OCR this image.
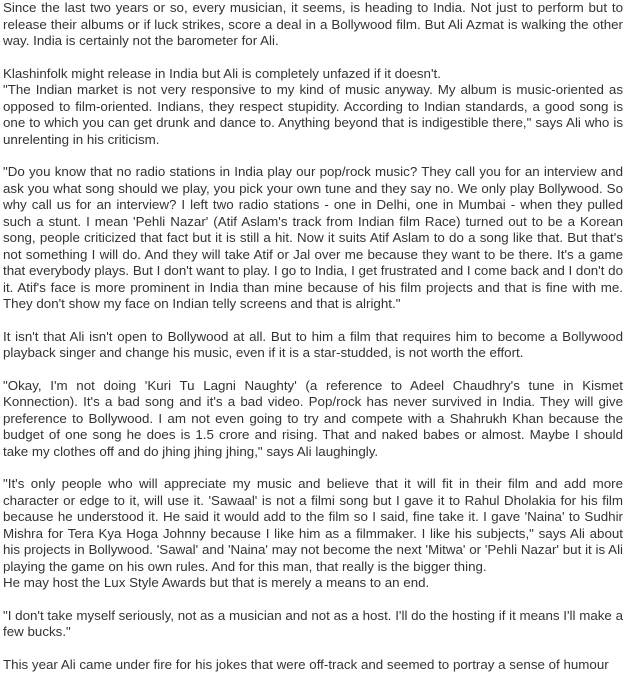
Since the last two years or so, every musician, it seems, is heading to India. Not just to perform but to release their albums or if luck strikes, score a deal in a Bollywood film. But Ali Azmat is walking the other way. India is certainly not the barometer for Ali.
Klashinfolk might release in India but Ali is completely unfazed if it doesn't.
"The Indian market is not very responsive to my kind of music anyway. My album is music-oriented as opposed to film-oriented. Indians, they respect stupidity. According to Indian standards, a good song is one to which you can get drunk and dance to. Anything beyond that is indigestible there," says Ali who is unrelenting in his criticism.
"Do you know that no radio stations in India play our pop/rock music? They call you for an interview and ask you what song should we play, you pick your own tune and they say no. We only play Bollywood. So why call us for an interview? I left two radio stations - one in Delhi, one in Mumbai - when they pulled such a stunt. I mean 'Pehli Nazar' (Atif Aslam's track from Indian film Race) turned out to be a Korean song, people criticized that fact but it is still a hit. Now it suits Atif Aslam to do a song like that. But that's not something I will do. And they will take Atif or Jal over me because they want to be there. It's a game that everybody plays. But I don't want to play. I go to India, I get frustrated and I come back and I don't do it. Atif's face is more prominent in India than mine because of his film projects and that is fine with me. They don't show my face on Indian telly screens and that is alright."
It isn't that Ali isn't open to Bollywood at all. But to him a film that requires him to become a Bollywood playback singer and change his music, even if it is a star-studded, is not worth the effort.
"Okay, I'm not doing 'Kuri Tu Lagni Naughty' (a reference to Adeel Chaudhry's tune in Kismet Konnection). It's a bad song and it's a bad video. Pop/rock has never survived in India. They will give preference to Bollywood. I am not even going to try and compete with a Shahrukh Khan because the budget of one song he does is 1.5 crore and rising. That and naked babes or almost. Maybe I should take my clothes off and do jhing jhing jhing," says Ali laughingly.
"It's only people who will appreciate my music and believe that it will fit in their film and add more character or edge to it, will use it. 'Sawaal' is not a filmi song but I gave it to Rahul Dholakia for his film because he understood it. He said it would add to the film so I said, fine take it. I gave 'Naina' to Sudhir Mishra for Tera Kya Hoga Johnny because I like him as a filmmaker. I like his subjects," says Ali about his projects in Bollywood. 'Sawal' and 'Naina' may not become the next 'Mitwa' or 'Pehli Nazar' but it is Ali playing the game on his own rules. And for this man, that really is the bigger thing.
He may host the Lux Style Awards but that is merely a means to an end.
"I don't take myself seriously, not as a musician and not as a host. I'll do the hosting if it means I'll make a few bucks."
This year Ali came under fire for his jokes that were off-track and seemed to portray a sense of humour
